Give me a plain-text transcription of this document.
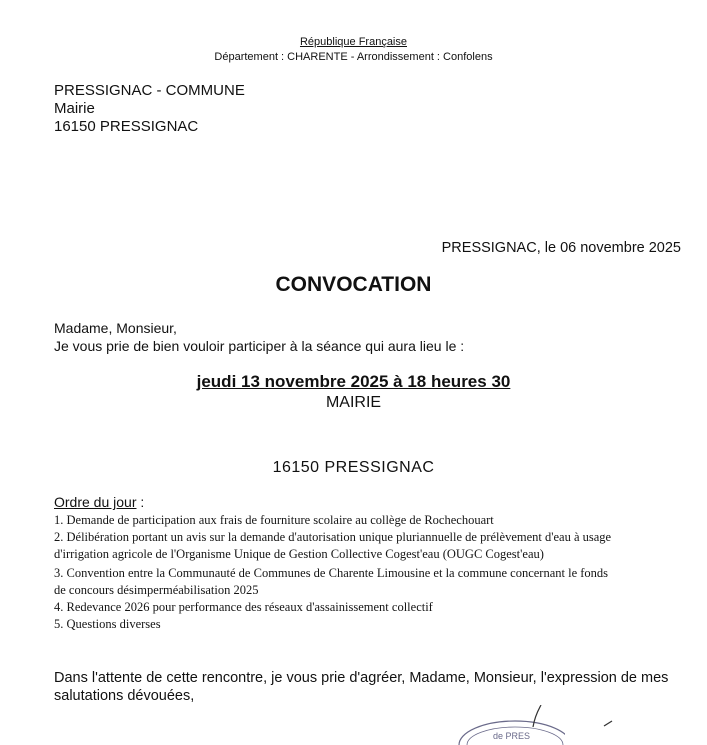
République Française
Département : CHARENTE - Arrondissement : Confolens
PRESSIGNAC - COMMUNE
Mairie
16150 PRESSIGNAC
PRESSIGNAC, le 06 novembre 2025
CONVOCATION
Madame, Monsieur,
Je vous prie de bien vouloir participer à la séance qui aura lieu le :
jeudi 13 novembre 2025 à 18 heures 30
MAIRIE
16150 PRESSIGNAC
Ordre du jour :
1. Demande de participation aux frais de fourniture scolaire au collège de Rochechouart
2. Délibération portant un avis sur la demande d'autorisation unique pluriannuelle de prélèvement d'eau à usage
d'irrigation agricole de l'Organisme Unique de Gestion Collective Cogest'eau (OUGC Cogest'eau)
3. Convention entre la Communauté de Communes de Charente Limousine et la commune concernant le fonds
de concours désimperméabilisation 2025
4. Redevance 2026 pour performance des réseaux d'assainissement collectif
5. Questions diverses
Dans l'attente de cette rencontre, je vous prie d'agréer, Madame, Monsieur, l'expression de mes
salutations dévouées,
de PRES
